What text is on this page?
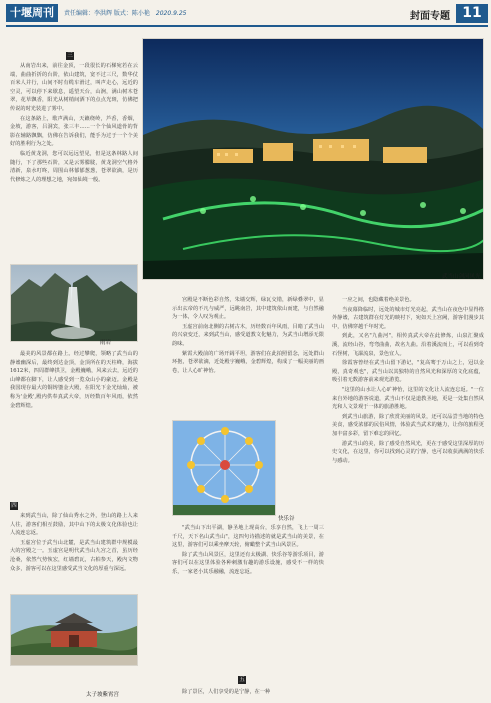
十堰周刊	责任编辑：李洪辉 版式：陈小艳 2020.9.25	封面专题 11
三

从南岩出来，前往金顶，一段很长的石梯宛若在云端，曲曲折折的台阶，依山建筑，宽不过三尺，数华仗百米人并行，山间不时有缆车滑过，叫声走心，远近的空灵，可以停下来歇息，遥望天台，山涧，满山树木苍翠，花草飘香，阳光从树梢间洒下的点点光斑，仿佛把传说的时光装进了雾中。

在这条路上，歌声满山，天籁绕岭，芦香，香烟，金坡，游客，吕洞宾，张三丰……一个个仙风道骨的背影在辅路飘飘，仿佛在告诉我们，能手为过于一个个美好的胜利行为之处。

临近黄龙洞，您可以远远望见，但是这条林路人间随行，下了那些石阶，又是云雾朦胧，黄龙洞空气格外清新，泉水叮咚，周围山林郁郁葱葱，苍翠欲滴，是历代修炼之人的理想之地，宛如仙境一般。

雨岩

最美的风景都在路上。经过攀爬，领略了武当山的静谧幽深后，最终到达金顶，金顶所在的天柱峰，海拔1612米，四周群峰拱卫，金殿巍峨，风来云去，远近的山峰都在脚下，让人感受到一览众山小的豪迈。金殿是我国现存最大的铜铸鎏金大殿，在阳光下金光灿灿，被称为'金殿',殿内供奉真武大帝，历经数百年风雨，依然金碧辉煌。

四

来到武当山，除了仙山秀水之外，登山的路上人来人往，游客们相互鼓励，其中山下的太极文化体验也让人流连忘返。

玉虚宫位于武当山北麓，是武当山建筑群中规模最大的宫殿之一。玉虚宫是明代武当山九宫之首，虽历经沧桑，依然气势恢宏，红墙碧瓦，古柏参天，殿内文物众多，游客可以在这里感受武当文化的厚重与深远。

太子坡紫霄宫
武当山剑河风光

宫殿是不断色彩自然，朱墙交辉，绿瓦交错，新绿叠翠中，显示出玄帝的不凡与威严，远眺南岩，其中建筑依山而建，与自然融为一体，令人叹为观止。

玉虚宫前南北侧的古树古木，历经数百年风雨，目睹了武当山的兴衰变迁，来到武当山，感受道教文化魅力，为武当山增添无限韵味。

紫霄大殿前的广场开阔平坦，游客们在此拍照留念，远处群山环抱，苍翠欲滴，近处殿宇巍峨，金碧辉煌，构成了一幅美丽的画卷，让人心旷神怡。

快乐谷

"武当山下出平湖，静圣地上现高台，乐享自然，飞上一周三千尺，天下名山武当山"，这四句诗描述的就是武当山的美景，在这里，游客们可以乘坐摩天轮，俯瞰整个武当山风景区。

除了武当山风景区，这里还有太极湖、快乐谷等游乐项目，游客们可以在这里体验各种刺激有趣的游乐设施，感受不一样的快乐，一家老小其乐融融，流连忘返。

五

除了景区，人们享受的是宁静，在一种

一应之间，也隐藏着绝美景色。

当夜幕降临时，远处的城市灯光亮起，武当山在夜色中显得格外静谧，古建筑群在灯光的映衬下，宛如天上宫阙，游客们漫步其中，仿佛穿越千年时光。

到此，又名"九曲河"，相传真武大帝在此修炼，山泉汇聚成溪，流经山谷，弯弯曲曲，故名九曲。沿着溪流而上，可以看到奇石怪树，飞瀑流泉，景色宜人。

徐霞客曾经在武当山留下游记，"复高骞于万山之上，冠以金殿，真奇观也"，武当山以其独特的自然风光和深厚的文化底蕴，吸引着无数游客前来观光游览。

"这里的山水让人心旷神怡，这里的文化让人流连忘返。"一位来自外地的游客说道，武当山不仅是道教圣地，更是一处集自然风光和人文景观于一体的旅游胜地。

到武当山旅游，除了欣赏美丽的风景，还可以品尝当地的特色美食，感受浓郁的民俗风情，体验武当武术的魅力，让你的旅程更加丰富多彩，留下难忘的回忆。

游武当山的美，除了感受自然风光，更在于感受这里深厚的历史文化，在这里，你可以找到心灵的宁静，也可以收获满满的快乐与感动。
